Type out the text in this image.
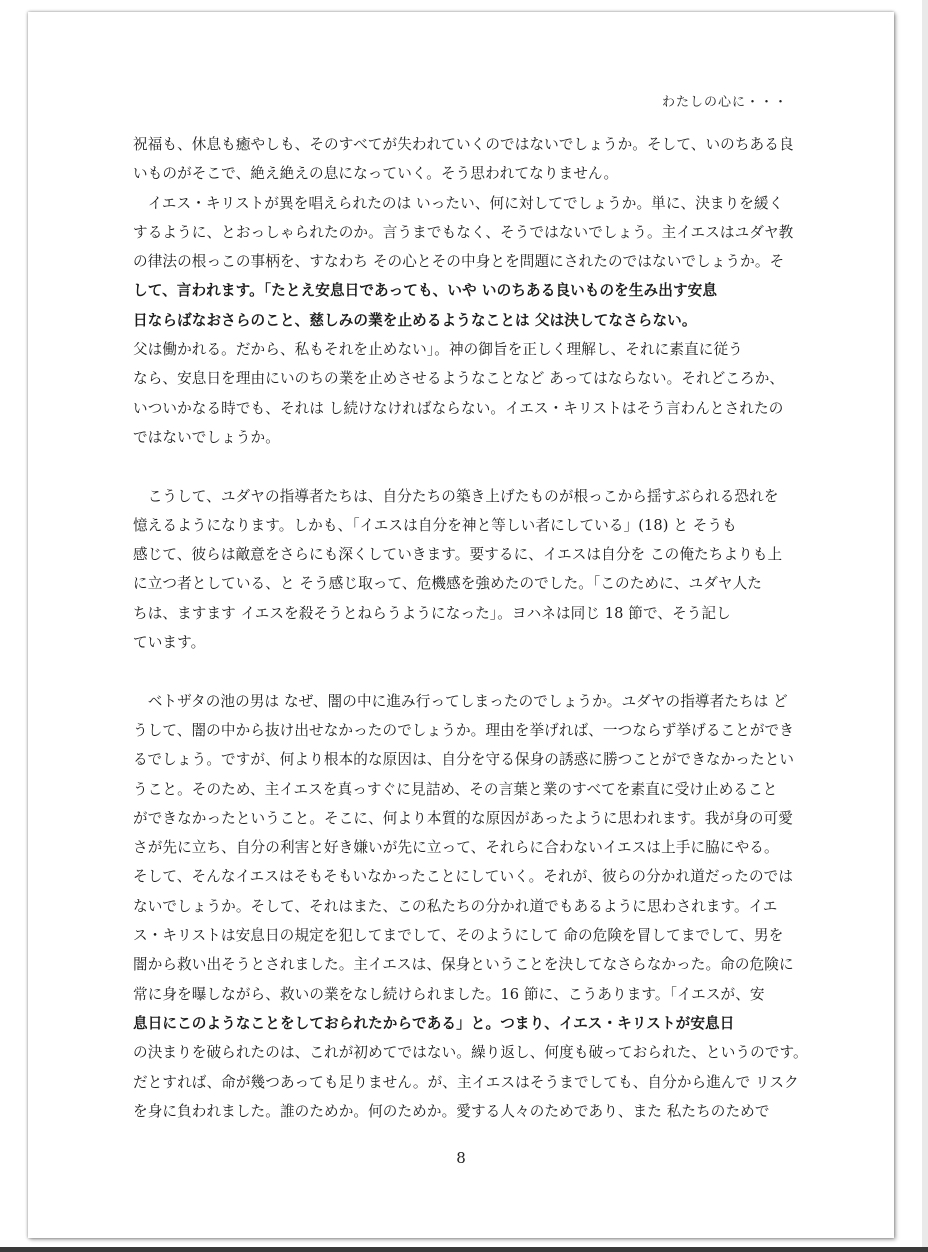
わたしの心に・・・
祝福も、休息も癒やしも、そのすべてが失われていくのではないでしょうか。そして、いのちある良
いものがそこで、絶え絶えの息になっていく。そう思われてなりません。
　イエス・キリストが異を唱えられたのは いったい、何に対してでしょうか。単に、決まりを緩く
するように、とおっしゃられたのか。言うまでもなく、そうではないでしょう。主イエスはユダヤ教
の律法の根っこの事柄を、すなわち その心とその中身とを問題にされたのではないでしょうか。そ
して、言われます。「たとえ安息日であっても、いや いのちある良いものを生み出す安息
日ならばなおさらのこと、慈しみの業を止めるようなことは 父は決してなさらない。
父は働かれる。だから、私もそれを止めない」。神の御旨を正しく理解し、それに素直に従う
なら、安息日を理由にいのちの業を止めさせるようなことなど あってはならない。それどころか、
いついかなる時でも、それは し続けなければならない。イエス・キリストはそう言わんとされたの
ではないでしょうか。
　こうして、ユダヤの指導者たちは、自分たちの築き上げたものが根っこから揺すぶられる恐れを
憶えるようになります。しかも、「イエスは自分を神と等しい者にしている」(18) と そうも
感じて、彼らは敵意をさらにも深くしていきます。要するに、イエスは自分を この俺たちよりも上
に立つ者としている、と そう感じ取って、危機感を強めたのでした。「このために、ユダヤ人た
ちは、ますます イエスを殺そうとねらうようになった」。ヨハネは同じ 18 節で、そう記し
ています。
　ベトザタの池の男は なぜ、闇の中に進み行ってしまったのでしょうか。ユダヤの指導者たちは ど
うして、闇の中から抜け出せなかったのでしょうか。理由を挙げれば、一つならず挙げることができ
るでしょう。ですが、何より根本的な原因は、自分を守る保身の誘惑に勝つことができなかったとい
うこと。そのため、主イエスを真っすぐに見詰め、その言葉と業のすべてを素直に受け止めること
ができなかったということ。そこに、何より本質的な原因があったように思われます。我が身の可愛
さが先に立ち、自分の利害と好き嫌いが先に立って、それらに合わないイエスは上手に脇にやる。
そして、そんなイエスはそもそもいなかったことにしていく。それが、彼らの分かれ道だったのでは
ないでしょうか。そして、それはまた、この私たちの分かれ道でもあるように思わされます。イエ
ス・キリストは安息日の規定を犯してまでして、そのようにして 命の危険を冒してまでして、男を
闇から救い出そうとされました。主イエスは、保身ということを決してなさらなかった。命の危険に
常に身を曝しながら、救いの業をなし続けられました。16 節に、こうあります。「イエスが、安
息日にこのようなことをしておられたからである」と。つまり、イエス・キリストが安息日
の決まりを破られたのは、これが初めてではない。繰り返し、何度も破っておられた、というのです。
だとすれば、命が幾つあっても足りません。が、主イエスはそうまでしても、自分から進んで リスク
を身に負われました。誰のためか。何のためか。愛する人々のためであり、また 私たちのためで
8
